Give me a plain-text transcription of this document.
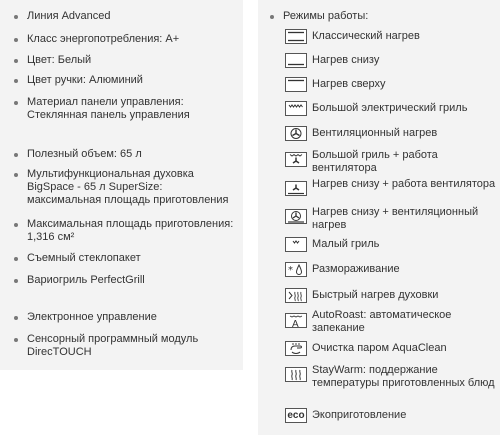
Линия Advanced
Класс энергопотребления: A+
Цвет: Белый
Цвет ручки: Алюминий
Материал панели управления: Стеклянная панель управления
Полезный объем: 65 л
Мультифункциональная духовка BigSpace - 65 л SuperSize: максимальная площадь приготовления
Максимальная площадь приготовления: 1,316 см²
Съемный стеклопакет
Вариогриль PerfectGrill
Электронное управление
Сенсорный программный модуль DirecTOUCH
Режимы работы:
Классический нагрев
Нагрев снизу
Нагрев сверху
Большой электрический гриль
Вентиляционный нагрев
Большой гриль + работа вентилятора
Нагрев снизу + работа вентилятора
Нагрев снизу + вентиляционный нагрев
Малый гриль
* Размораживание
Быстрый нагрев духовки
A
AutoRoast: автоматическое запекание
Очистка паром AquaClean
StayWarm: поддержание температуры приготовленных блюд
eco Экоприготовление
